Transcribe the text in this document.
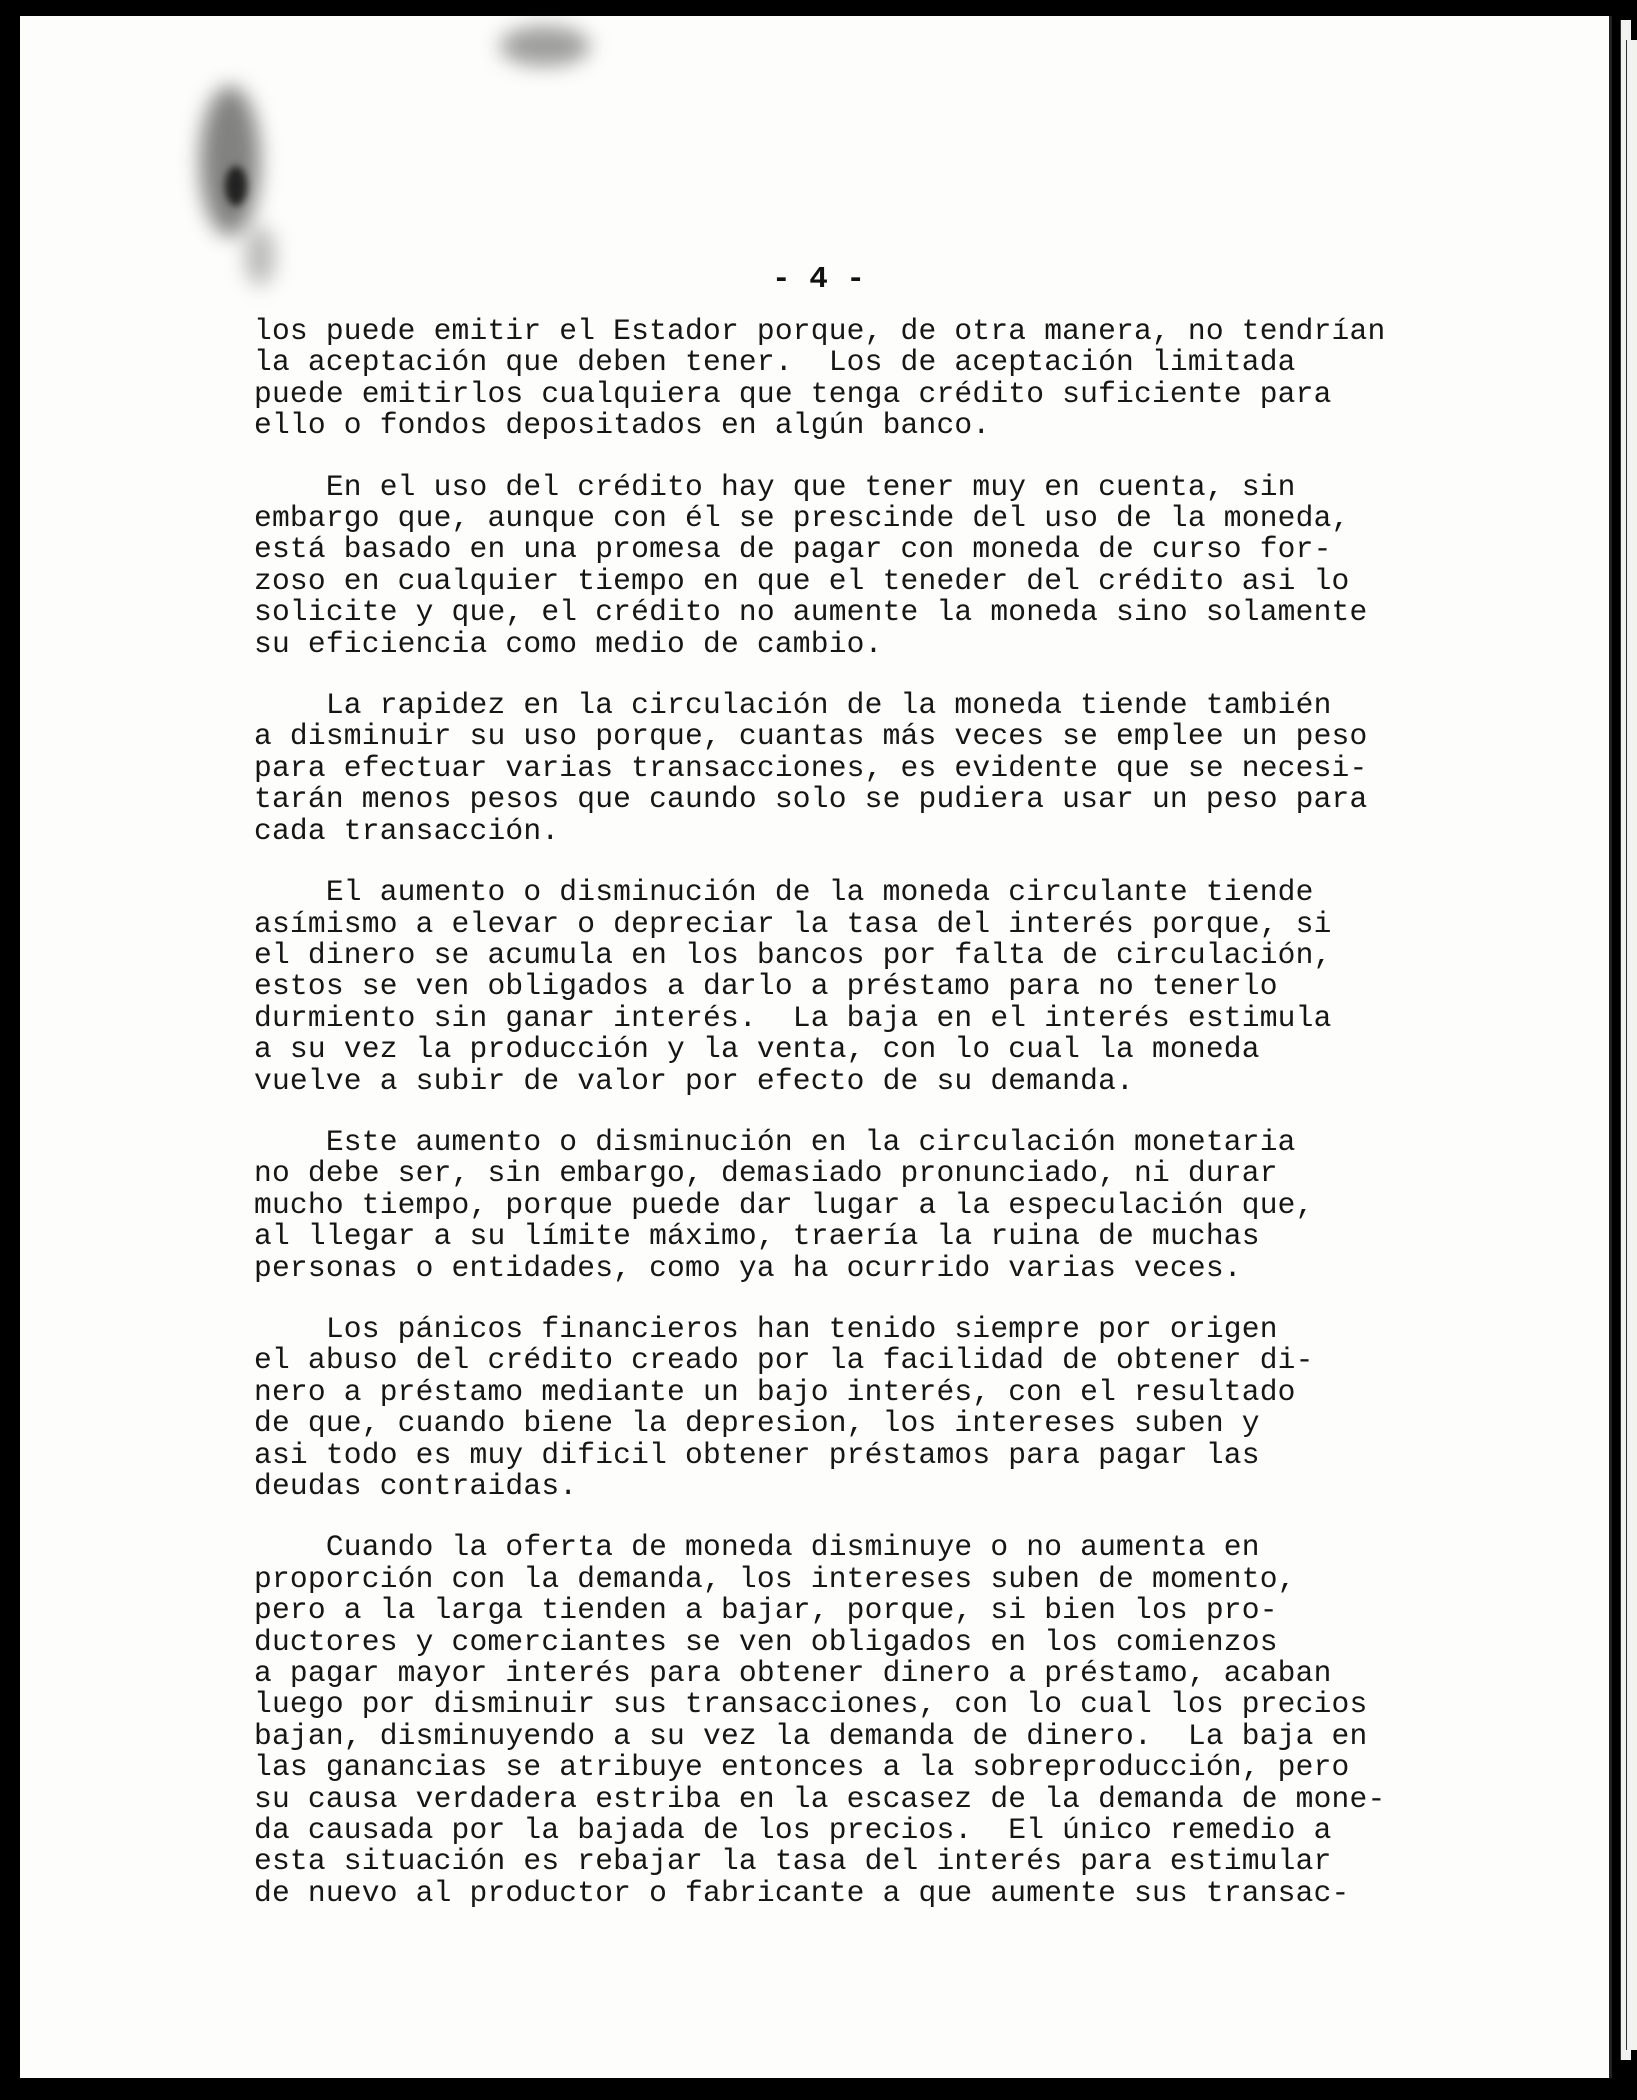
- 4 -
los puede emitir el Estador porque, de otra manera, no tendrían
la aceptación que deben tener.  Los de aceptación limitada
puede emitirlos cualquiera que tenga crédito suficiente para
ello o fondos depositados en algún banco.
En el uso del crédito hay que tener muy en cuenta, sin
embargo que, aunque con él se prescinde del uso de la moneda,
está basado en una promesa de pagar con moneda de curso for-
zoso en cualquier tiempo en que el teneder del crédito asi lo
solicite y que, el crédito no aumente la moneda sino solamente
su eficiencia como medio de cambio.
La rapidez en la circulación de la moneda tiende también
a disminuir su uso porque, cuantas más veces se emplee un peso
para efectuar varias transacciones, es evidente que se necesi-
tarán menos pesos que caundo solo se pudiera usar un peso para
cada transacción.
El aumento o disminución de la moneda circulante tiende
asímismo a elevar o depreciar la tasa del interés porque, si
el dinero se acumula en los bancos por falta de circulación,
estos se ven obligados a darlo a préstamo para no tenerlo
durmiento sin ganar interés.  La baja en el interés estimula
a su vez la producción y la venta, con lo cual la moneda
vuelve a subir de valor por efecto de su demanda.
Este aumento o disminución en la circulación monetaria
no debe ser, sin embargo, demasiado pronunciado, ni durar
mucho tiempo, porque puede dar lugar a la especulación que,
al llegar a su límite máximo, traería la ruina de muchas
personas o entidades, como ya ha ocurrido varias veces.
Los pánicos financieros han tenido siempre por origen
el abuso del crédito creado por la facilidad de obtener di-
nero a préstamo mediante un bajo interés, con el resultado
de que, cuando biene la depresion, los intereses suben y
asi todo es muy dificil obtener préstamos para pagar las
deudas contraidas.
Cuando la oferta de moneda disminuye o no aumenta en
proporción con la demanda, los intereses suben de momento,
pero a la larga tienden a bajar, porque, si bien los pro-
ductores y comerciantes se ven obligados en los comienzos
a pagar mayor interés para obtener dinero a préstamo, acaban
luego por disminuir sus transacciones, con lo cual los precios
bajan, disminuyendo a su vez la demanda de dinero.  La baja en
las ganancias se atribuye entonces a la sobreproducción, pero
su causa verdadera estriba en la escasez de la demanda de mone-
da causada por la bajada de los precios.  El único remedio a
esta situación es rebajar la tasa del interés para estimular
de nuevo al productor o fabricante a que aumente sus transac-
